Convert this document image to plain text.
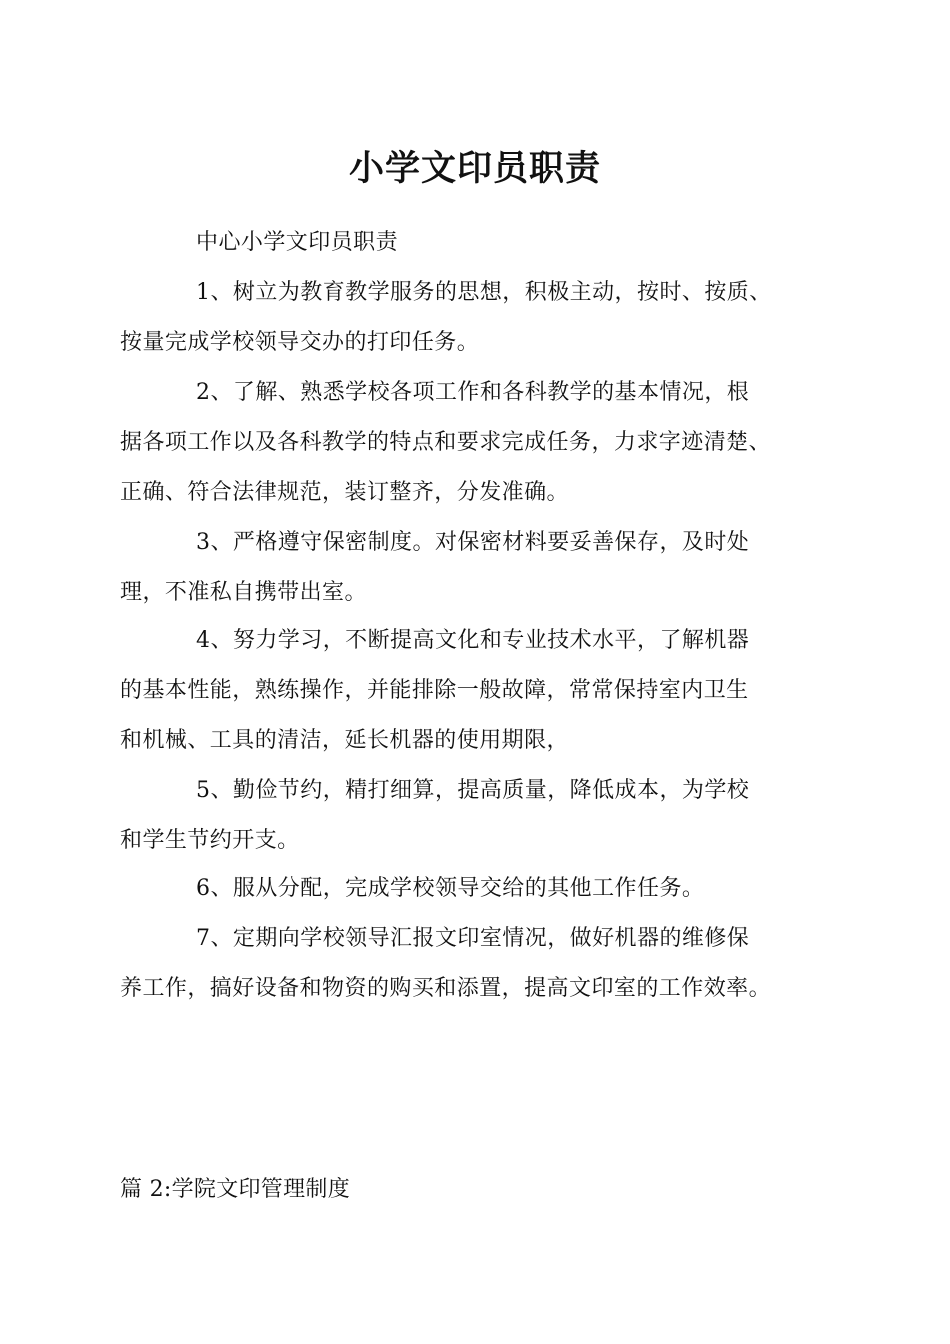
小学文印员职责
中心小学文印员职责
1、树立为教育教学服务的思想，积极主动，按时、按质、
按量完成学校领导交办的打印任务。
2、了解、熟悉学校各项工作和各科教学的基本情况，根
据各项工作以及各科教学的特点和要求完成任务，力求字迹清楚、
正确、符合法律规范，装订整齐，分发准确。
3、严格遵守保密制度。对保密材料要妥善保存，及时处
理，不准私自携带出室。
4、努力学习，不断提高文化和专业技术水平，了解机器
的基本性能，熟练操作，并能排除一般故障，常常保持室内卫生
和机械、工具的清洁，延长机器的使用期限，
5、勤俭节约，精打细算，提高质量，降低成本，为学校
和学生节约开支。
6、服从分配，完成学校领导交给的其他工作任务。
7、定期向学校领导汇报文印室情况，做好机器的维修保
养工作，搞好设备和物资的购买和添置，提高文印室的工作效率。
篇 2:学院文印管理制度
